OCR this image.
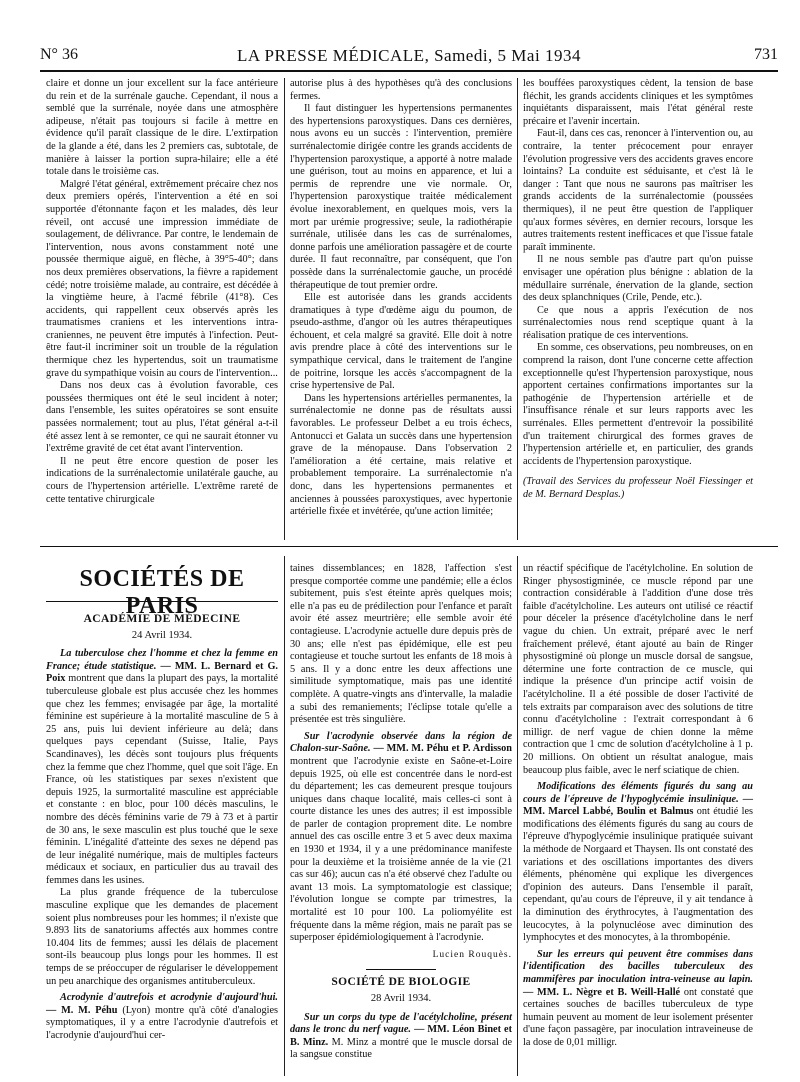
N° 36	LA PRESSE MÉDICALE, Samedi, 5 Mai 1934	731

claire et donne un jour excellent sur la face antérieure du rein et de la surrénale gauche. Cependant, il nous a semblé que la surrénale, noyée dans une atmosphère adipeuse, n'était pas toujours si facile à mettre en évidence qu'il paraît classique de le dire. L'extirpation de la glande a été, dans les 2 premiers cas, subtotale, de manière à laisser la portion supra-hilaire; elle a été totale dans le troisième cas.

Malgré l'état général, extrêmement précaire chez nos deux premiers opérés, l'intervention a été en soi supportée d'étonnante façon et les malades, dès leur réveil, ont accusé une impression immédiate de soulagement, de délivrance. Par contre, le lendemain de l'intervention, nous avons constamment noté une poussée thermique aiguë, en flèche, à 39°5-40°; dans nos deux premières observations, la fièvre a rapidement cédé; notre troisième malade, au contraire, est décédée à la vingtième heure, à l'acmé fébrile (41°8). Ces accidents, qui rappellent ceux observés après les traumatismes craniens et les interventions intra-craniennes, ne peuvent être imputés à l'infection. Peut-être faut-il incriminer soit un trouble de la régulation thermique chez les hypertendus, soit un traumatisme grave du sympathique voisin au cours de l'intervention...

Dans nos deux cas à évolution favorable, ces poussées thermiques ont été le seul incident à noter; dans l'ensemble, les suites opératoires se sont ensuite passées normalement; tout au plus, l'état général a-t-il été assez lent à se remonter, ce qui ne saurait étonner vu l'extrême gravité de cet état avant l'intervention.

Il ne peut être encore question de poser les indications de la surrénalectomie unilatérale gauche, au cours de l'hypertension artérielle. L'extrême rareté de cette tentative chirurgicale

autorise plus à des hypothèses qu'à des conclusions fermes.

Il faut distinguer les hypertensions permanentes des hypertensions paroxystiques. Dans ces dernières, nous avons eu un succès : l'intervention, première surrénalectomie dirigée contre les grands accidents de l'hypertension paroxystique, a apporté à notre malade une guérison, tout au moins en apparence, et lui a permis de reprendre une vie normale. Or, l'hypertension paroxystique traitée médicalement évolue inexorablement, en quelques mois, vers la mort par urémie progressive; seule, la radiothérapie surrénale, utilisée dans les cas de surrénalomes, donne parfois une amélioration passagère et de courte durée. Il faut reconnaître, par conséquent, que l'on possède dans la surrénalectomie gauche, un procédé thérapeutique de tout premier ordre.

Elle est autorisée dans les grands accidents dramatiques à type d'œdème aigu du poumon, de pseudo-asthme, d'angor où les autres thérapeutiques échouent, et cela malgré sa gravité. Elle doit à notre avis prendre place à côté des interventions sur le sympathique cervical, dans le traitement de l'angine de poitrine, lorsque les accès s'accompagnent de la crise hypertensive de Pal.

Dans les hypertensions artérielles permanentes, la surrénalectomie ne donne pas de résultats aussi favorables. Le professeur Delbet a eu trois échecs, Antonucci et Galata un succès dans une hypertension grave de la ménopause. Dans l'observation 2 l'amélioration a été certaine, mais relative et probablement temporaire. La surrénalectomie n'a donc, dans les hypertensions permanentes et anciennes à poussées paroxystiques, avec hypertonie artérielle fixée et invétérée, qu'une action limitée;

les bouffées paroxystiques cèdent, la tension de base fléchit, les grands accidents cliniques et les symptômes inquiétants disparaissent, mais l'état général reste précaire et l'avenir incertain.

Faut-il, dans ces cas, renoncer à l'intervention ou, au contraire, la tenter précocement pour enrayer l'évolution progressive vers des accidents graves encore lointains? La conduite est séduisante, et c'est là le danger : Tant que nous ne saurons pas maîtriser les grands accidents de la surrénalectomie (poussées thermiques), il ne peut être question de l'appliquer qu'aux formes sévères, en dernier recours, lorsque les autres traitements restent inefficaces et que l'issue fatale paraît imminente.

Il ne nous semble pas d'autre part qu'on puisse envisager une opération plus bénigne : ablation de la médullaire surrénale, énervation de la glande, section des deux splanchniques (Crile, Pende, etc.).

Ce que nous a appris l'exécution de nos surrénalectomies nous rend sceptique quant à la réalisation pratique de ces interventions.

En somme, ces observations, peu nombreuses, on en comprend la raison, dont l'une concerne cette affection exceptionnelle qu'est l'hypertension paroxystique, nous apportent certaines confirmations importantes sur la pathogénie de l'hypertension artérielle et de l'insuffisance rénale et sur leurs rapports avec les surrénales. Elles permettent d'entrevoir la possibilité d'un traitement chirurgical des formes graves de l'hypertension artérielle et, en particulier, des grands accidents de l'hypertension paroxystique.

(Travail des Services du professeur Noël Fiessinger et de M. Bernard Desplas.)

SOCIÉTÉS DE PARIS
ACADÉMIE DE MÉDECINE
24 Avril 1934.

La tuberculose chez l'homme et chez la femme en France; étude statistique. — MM. L. Bernard et G. Poix montrent que dans la plupart des pays, la mortalité tuberculeuse globale est plus accusée chez les hommes que chez les femmes; envisagée par âge, la mortalité féminine est supérieure à la mortalité masculine de 5 à 25 ans, puis lui devient inférieure au delà; dans quelques pays cependant (Suisse, Italie, Pays Scandinaves), les décès sont toujours plus fréquents chez la femme que chez l'homme, quel que soit l'âge. En France, où les statistiques par sexes n'existent que depuis 1925, la surmortalité masculine est appréciable et constante : en bloc, pour 100 décès masculins, le nombre des décès féminins varie de 79 à 73 et à partir de 30 ans, le sexe masculin est plus touché que le sexe féminin. L'inégalité d'atteinte des sexes ne dépend pas de leur inégalité numérique, mais de multiples facteurs médicaux et sociaux, en particulier dus au travail des femmes dans les usines.

La plus grande fréquence de la tuberculose masculine explique que les demandes de placement soient plus nombreuses pour les hommes; il n'existe que 9.893 lits de sanatoriums affectés aux hommes contre 10.404 lits de femmes; aussi les délais de placement sont-ils beaucoup plus longs pour les hommes. Il est temps de se préoccuper de régulariser le développement un peu anarchique des organismes antituberculeux.

Acrodynie d'autrefois et acrodynie d'aujourd'hui. — M. M. Péhu (Lyon) montre qu'à côté d'analogies symptomatiques, il y a entre l'acrodynie d'autrefois et l'acrodynie d'aujourd'hui cer-

taines dissemblances; en 1828, l'affection s'est presque comportée comme une pandémie; elle a éclos subitement, puis s'est éteinte après quelques mois; elle n'a pas eu de prédilection pour l'enfance et paraît avoir été assez meurtrière; elle semble avoir été contagieuse. L'acrodynie actuelle dure depuis près de 30 ans; elle n'est pas épidémique, elle est peu contagieuse et touche surtout les enfants de 18 mois à 5 ans. Il y a donc entre les deux affections une similitude symptomatique, mais pas une identité complète. A quatre-vingts ans d'intervalle, la maladie a subi des remaniements; l'éclipse totale qu'elle a présentée est très singulière.

Sur l'acrodynie observée dans la région de Chalon-sur-Saône. — MM. M. Péhu et P. Ardisson montrent que l'acrodynie existe en Saône-et-Loire depuis 1925, où elle est concentrée dans le nord-est du département; les cas demeurent presque toujours uniques dans chaque localité, mais celles-ci sont à courte distance les unes des autres; il est impossible de parler de contagion proprement dite. Le nombre annuel des cas oscille entre 3 et 5 avec deux maxima en 1930 et 1934, il y a une prédominance manifeste pour la deuxième et la troisième année de la vie (21 cas sur 46); aucun cas n'a été observé chez l'adulte ou avant 13 mois. La symptomatologie est classique; l'évolution longue se compte par trimestres, la mortalité est 10 pour 100. La poliomyélite est fréquente dans la même région, mais ne paraît pas se superposer épidémiologiquement à l'acrodynie.

Lucien Rouquès.
SOCIÉTÉ DE BIOLOGIE
28 Avril 1934.

Sur un corps du type de l'acétylcholine, présent dans le tronc du nerf vague. — MM. Léon Binet et B. Minz. M. Minz a montré que le muscle dorsal de la sangsue constitue

un réactif spécifique de l'acétylcholine. En solution de Ringer physostigminée, ce muscle répond par une contraction considérable à l'addition d'une dose très faible d'acétylcholine. Les auteurs ont utilisé ce réactif pour déceler la présence d'acétylcholine dans le nerf vague du chien. Un extrait, préparé avec le nerf fraîchement prélevé, étant ajouté au bain de Ringer physostigminé où plonge un muscle dorsal de sangsue, détermine une forte contraction de ce muscle, qui indique la présence d'un principe actif voisin de l'acétylcholine. Il a été possible de doser l'activité de tels extraits par comparaison avec des solutions de titre connu d'acétylcholine : l'extrait correspondant à 6 milligr. de nerf vague de chien donne la même contraction que 1 cmc de solution d'acétylcholine à 1 p. 20 millions. On obtient un résultat analogue, mais beaucoup plus faible, avec le nerf sciatique de chien.

Modifications des éléments figurés du sang au cours de l'épreuve de l'hypoglycémie insulinique. — MM. Marcel Labbé, Boulin et Balmus ont étudié les modifications des éléments figurés du sang au cours de l'épreuve d'hypoglycémie insulinique pratiquée suivant la méthode de Norgaard et Thaysen. Ils ont constaté des variations et des oscillations importantes des divers éléments, phénomène qui explique les divergences d'opinion des auteurs. Dans l'ensemble il paraît, cependant, qu'au cours de l'épreuve, il y ait tendance à la diminution des érythrocytes, à l'augmentation des leucocytes, à la polynucléose avec diminution des lymphocytes et des monocytes, à la thrombopénie.

Sur les erreurs qui peuvent être commises dans l'identification des bacilles tuberculeux des mammifères par inoculation intra-veineuse au lapin. — MM. L. Nègre et B. Weill-Hallé ont constaté que certaines souches de bacilles tuberculeux de type humain peuvent au moment de leur isolement présenter d'une façon passagère, par inoculation intraveineuse de la dose de 0,01 milligr.
